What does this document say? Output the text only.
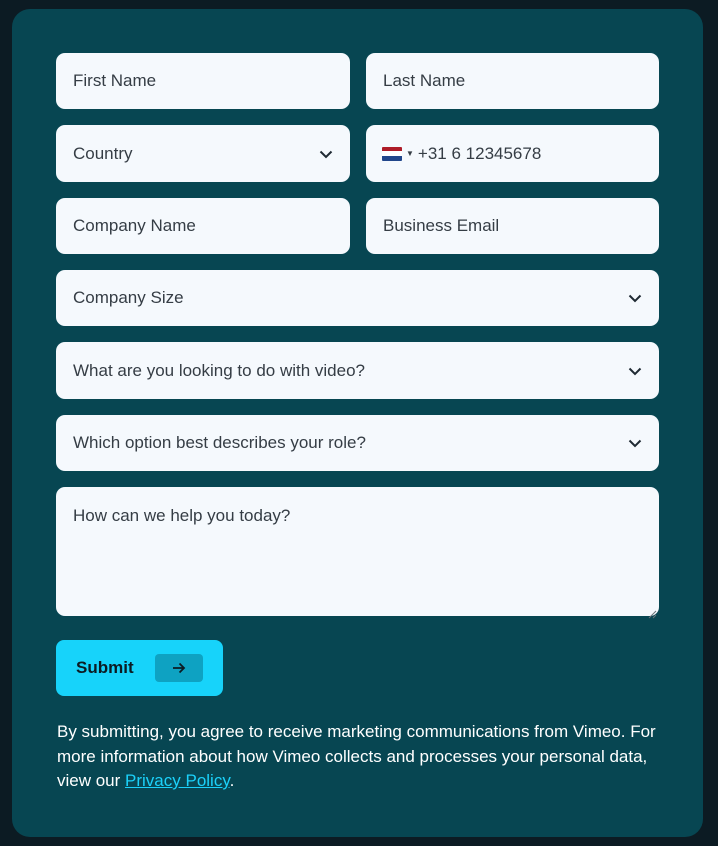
First Name	Last Name
Country	▼ +31 6 12345678
Company Name	Business Email
Company Size
What are you looking to do with video?
Which option best describes your role?
How can we help you today?
Submit
By submitting, you agree to receive marketing communications from Vimeo. For more information about how Vimeo collects and processes your personal data, view our Privacy Policy.
